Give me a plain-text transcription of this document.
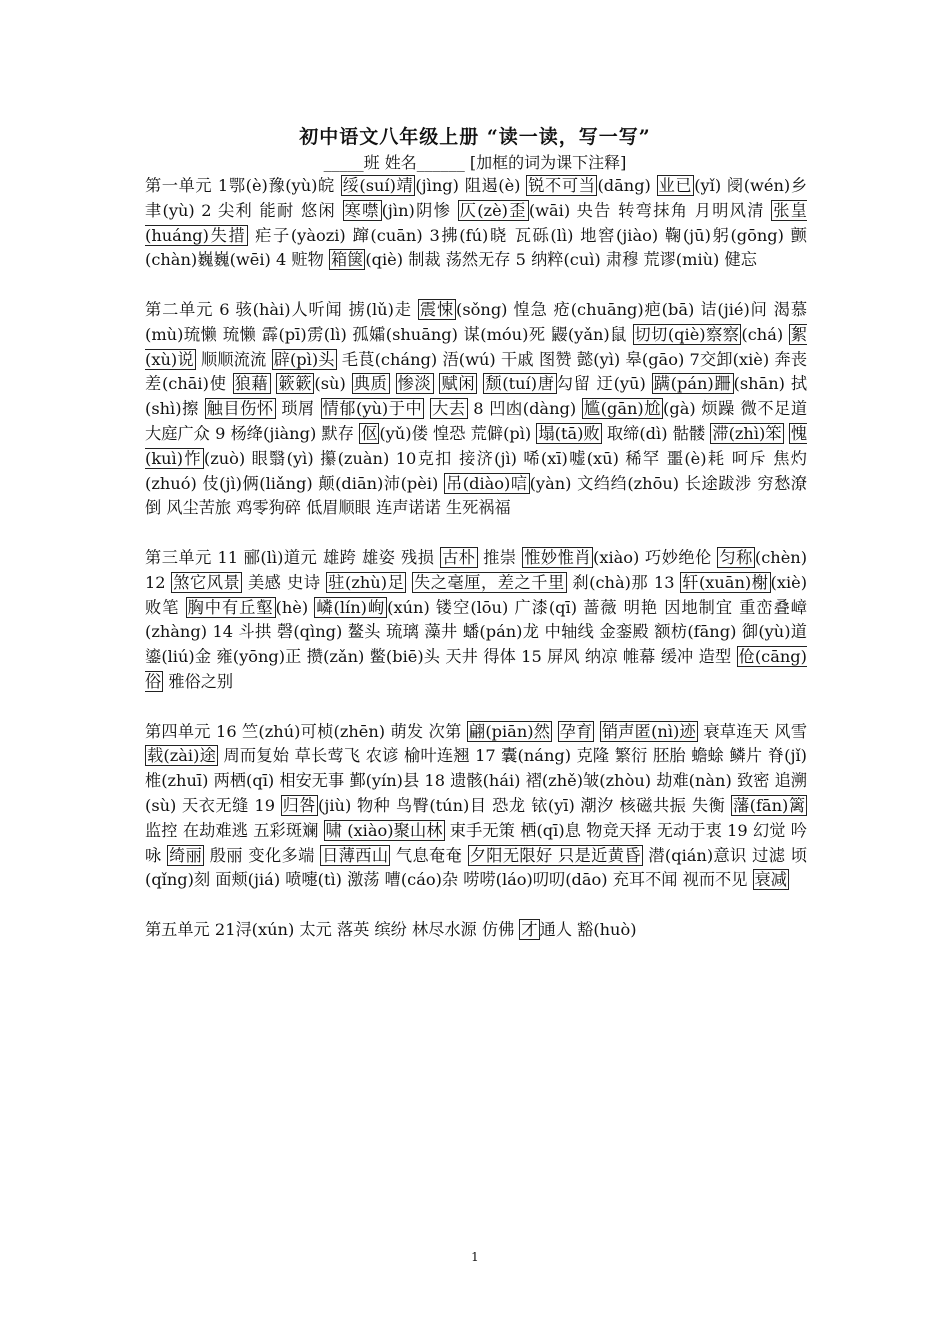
初中语文八年级上册 “读一读，写一写”
_____班 姓名______ [加框的词为课下注释]

第一单元 1鄂(è)豫(yù)皖 绥(suí)靖 (jìng) 阻遏(è) 锐不可当 (dāng) 业已 (yǐ) 阌(wén)乡 聿(yù) 2 尖利 能耐 悠闲 寒噤 (jìn)阴惨 仄(zè)歪 (wāi) 央告 转弯抹角 月明风清 张皇(huáng)失措 疟子(yàozi) 蹿(cuān) 3拂(fú)晓 瓦砾(lì) 地窖(jiào) 鞠(jū)躬(gōng) 颤(chàn)巍巍(wēi) 4 赃物 箱箧 (qiè) 制裁 荡然无存 5 纳粹(cuì) 肃穆 荒谬(miù) 健忘

第二单元 6 骇(hài)人听闻 掳(lǔ)走 震悚 (sǒng) 惶急 疮(chuāng)疤(bā) 诘(jié)问 渴慕(mù)琉懒 琉懒 霹(pī)雳(lì) 孤孀(shuāng) 谋(móu)死 鼹(yǎn)鼠 切切(qiè)察察 (chá) 絮(xù)说 顺顺流流 辟(pì)头 毛茛(cháng) 浯(wú) 干戚 图赞 懿(yì) 皋(gāo) 7交卸(xiè) 奔丧 差(chāi)使 狼藉 簌簌 (sù) 典质 惨淡 赋闲 颓(tuí)唐 勾留 迂(yū) 蹒(pán)跚 (shān) 拭(shì)擦 触目伤怀 琐屑 情郁(yù)于中 大去 8 凹凼(dàng) 尴(gān)尬 (gà) 烦躁 微不足道 大庭广众 9 杨绛(jiàng) 默存 伛 (yǔ)偻 惶恐 荒僻(pì) 塌(tā)败 取缔(dì) 骷髅 滞(zhì)笨 愧(kuì)怍 (zuò) 眼翳(yì) 攥(zuàn) 10克扣 接济(jì) 唏(xī)嘘(xū) 稀罕 噩(è)耗 呵斥 焦灼(zhuó) 伎(jì)俩(liǎng) 颠(diān)沛(pèi) 吊(diào)唁 (yàn) 文绉绉(zhōu) 长途跋涉 穷愁潦倒 风尘苦旅 鸡零狗碎 低眉顺眼 连声诺诺 生死祸福

第三单元 11 郦(lì)道元 雄跨 雄姿 残损 古朴 推崇 惟妙惟肖 (xiào) 巧妙绝伦 匀称 (chèn) 12 煞它风景 美感 史诗 驻(zhù)足 失之毫厘，差之千里 刹(chà)那 13 轩(xuān)榭 (xiè) 败笔 胸中有丘壑 (hè) 嶙(lín)峋 (xún) 镂空(lōu) 广漆(qī) 蔷薇 明艳 因地制宜 重峦叠嶂(zhàng) 14 斗拱 磬(qìng) 鳌头 琉璃 藻井 蟠(pán)龙 中轴线 金銮殿 额枋(fāng) 御(yù)道 鎏(liú)金 雍(yōng)正 攒(zǎn) 鳖(biē)头 天井 得体 15 屏风 纳凉 帷幕 缓冲 造型 伧(cāng)俗 雅俗之别

第四单元 16 竺(zhú)可桢(zhēn) 萌发 次第 翩(piān)然 孕育 销声匿(nì)迹 衰草连天 风雪载(zài)途 周而复始 草长莺飞 农谚 榆叶连翘 17 囊(náng) 克隆 繁衍 胚胎 蟾蜍 鳞片 脊(jǐ)椎(zhuī) 两栖(qī) 相安无事 鄞(yín)县 18 遗骸(hái) 褶(zhě)皱(zhòu) 劫难(nàn) 致密 追溯(sù) 天衣无缝 19 归咎 (jiù) 物种 鸟臀(tún)目 恐龙 铱(yī) 潮汐 核磁共振 失衡 藩(fān)篱 监控 在劫难逃 五彩斑斓 啸 (xiào)聚山林 束手无策 栖(qī)息 物竞天择 无动于衷 19 幻觉 吟咏 绮丽 殷丽 变化多端 日薄西山 气息奄奄 夕阳无限好 只是近黄昏 潜(qián)意识 过滤 顷(qǐng)刻 面颊(jiá) 喷嚏(tì) 激荡 嘈(cáo)杂 唠唠(láo)叨叨(dāo) 充耳不闻 视而不见 衰减

第五单元 21浔(xún) 太元 落英 缤纷 林尽水源 仿佛 才 通人 豁(huò)

1
